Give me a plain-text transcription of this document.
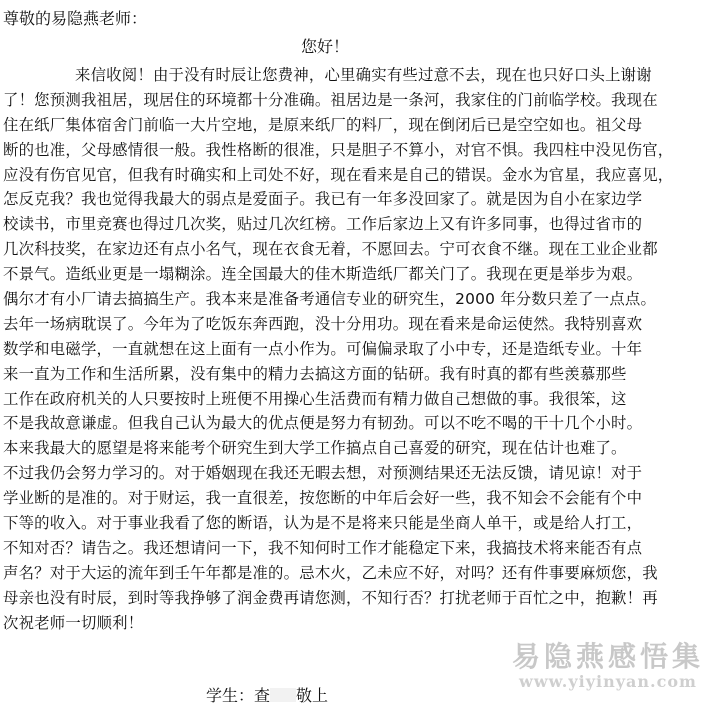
尊敬的易隐燕老师：
您好！
来信收阅！由于没有时辰让您费神，心里确实有些过意不去，现在也只好口头上谢谢
了！您预测我祖居，现居住的环境都十分准确。祖居边是一条河，我家住的门前临学校。我现在
住在纸厂集体宿舍门前临一大片空地，是原来纸厂的料厂，现在倒闭后已是空空如也。祖父母
断的也准，父母感情很一般。我性格断的很准，只是胆子不算小，对官不惧。我四柱中没见伤官，
应没有伤官见官，但我有时确实和上司处不好，现在看来是自己的错误。金水为官星，我应喜见，
怎反克我？我也觉得我最大的弱点是爱面子。我已有一年多没回家了。就是因为自小在家边学
校读书，市里竞赛也得过几次奖，贴过几次红榜。工作后家边上又有许多同事，也得过省市的
几次科技奖，在家边还有点小名气，现在衣食无着，不愿回去。宁可衣食不继。现在工业企业都
不景气。造纸业更是一塌糊涂。连全国最大的佳木斯造纸厂都关门了。我现在更是举步为艰。
偶尔才有小厂请去搞搞生产。我本来是准备考通信专业的研究生，2000 年分数只差了一点点。
去年一场病耽误了。今年为了吃饭东奔西跑，没十分用功。现在看来是命运使然。我特别喜欢
数学和电磁学，一直就想在这上面有一点小作为。可偏偏录取了小中专，还是造纸专业。十年
来一直为工作和生活所累，没有集中的精力去搞这方面的钻研。我有时真的都有些羡慕那些
工作在政府机关的人只要按时上班便不用操心生活费而有精力做自己想做的事。我很笨，这
不是我故意谦虚。但我自己认为最大的优点便是努力有韧劲。可以不吃不喝的干十几个小时。
本来我最大的愿望是将来能考个研究生到大学工作搞点自己喜爱的研究，现在估计也难了。
不过我仍会努力学习的。对于婚姻现在我还无暇去想，对预测结果还无法反馈，请见谅！对于
学业断的是准的。对于财运，我一直很差，按您断的中年后会好一些，我不知会不会能有个中
下等的收入。对于事业我看了您的断语，认为是不是将来只能是坐商人单干，或是给人打工，
不知对否？请告之。我还想请问一下，我不知何时工作才能稳定下来，我搞技术将来能否有点
声名？对于大运的流年到壬午年都是准的。忌木火，乙未应不好，对吗？还有件事要麻烦您，我
母亲也没有时辰，到时等我挣够了润金费再请您测，不知行否？打扰老师于百忙之中，抱歉！再
次祝老师一切顺利！
学生：查 敬上
易隐燕感悟集
www.yiyinyan.com
